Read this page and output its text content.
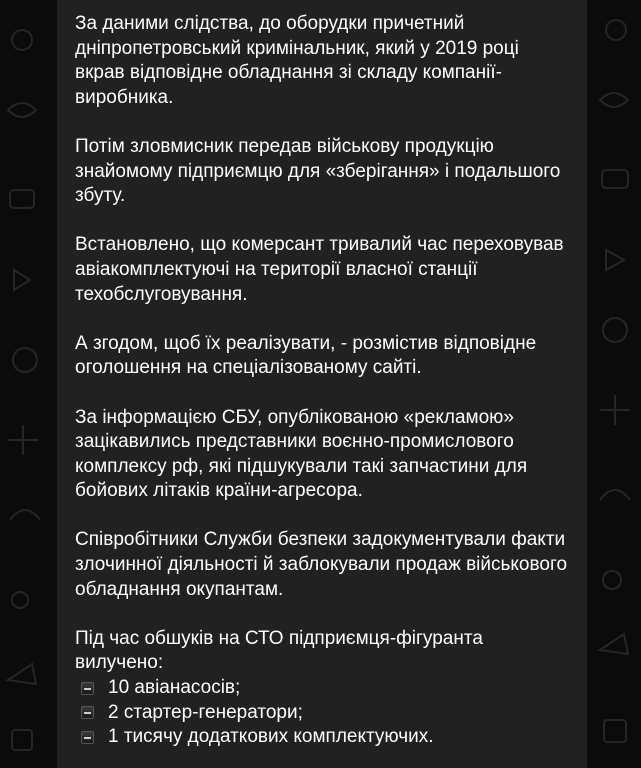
За даними слідства, до оборудки причетний дніпропетровський кримінальник, який у 2019 році вкрав відповідне обладнання зі складу компанії-виробника.

Потім зловмисник передав військову продукцію знайомому підприємцю для «зберігання» і подальшого збуту.

Встановлено, що комерсант тривалий час переховував авіакомплектуючі на території власної станції техобслуговування.

А згодом, щоб їх реалізувати, - розмістив відповідне оголошення на спеціалізованому сайті.

За інформацією СБУ, опублікованою «рекламою» зацікавились представники воєнно-промислового комплексу рф, які підшукували такі запчастини для бойових літаків країни-агресора.

Співробітники Служби безпеки задокументували факти злочинної діяльності й заблокували продаж військового обладнання окупантам.

Під час обшуків на СТО підприємця-фігуранта вилучено:

10 авіанасосів;
2 стартер-генератори;
1 тисячу додаткових комплектуючих.
